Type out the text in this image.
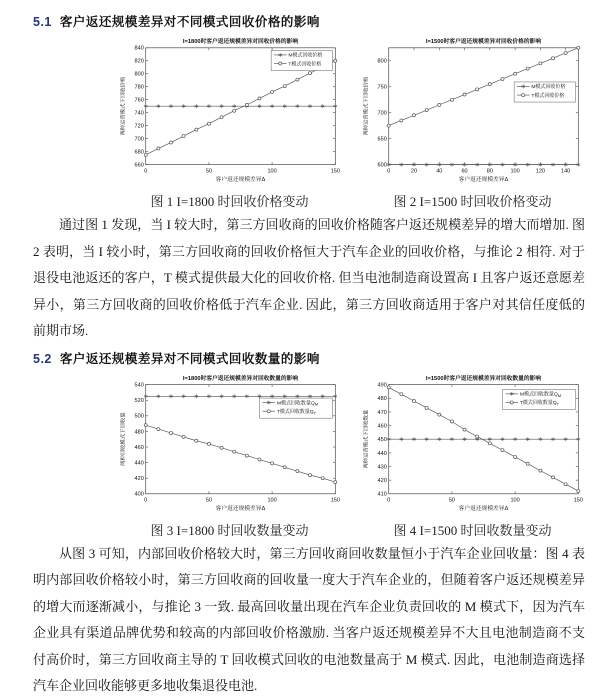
5.1 客户返还规模差异对不同模式回收价格的影响
I=1800时客户返还规模差异对回收价格的影响
660
680
700
720
740
760
780
800
820
840
0	50	100	150
客户返还规模差异Δ
两种运营模式下回收价格
M模式回收价格
T模式回收价格
I=1500时客户返还规模差异对回收价格的影响
600
650
700
750
800
0	20	40	60	80	100	120	140
客户返还规模差异Δ
两种运营模式下回收价格	M模式回收价格
T模式回收价格
图 1 I=1800 时回收价格变动	图 2 I=1500 时回收价格变动

通过图 1 发现，当 I 较大时，第三方回收商的回收价格随客户返还规模差异的增大而增加. 图 2 表明，当 I 较小时，第三方回收商的回收价格恒大于汽车企业的回收价格，与推论 2 相符. 对于退役电池返还的客户，T 模式提供最大化的回收价格. 但当电池制造商设置高 I 且客户返还意愿差异小，第三方回收商的回收价格低于汽车企业. 因此，第三方回收商适用于客户对其信任度低的前期市场.

5.2 客户返还规模差异对不同模式回收数量的影响
I=1800时客户返还规模差异对回收数量的影响
400
420
440
460
480
500
520
540
0	50	100	150
客户返还规模差异Δ
两种回收模式下回收量
M模式回收数量$Q_M$
T模式回收数量$Q_T$
I=1500时客户返还规模差异对回收数量的影响
410
420
430
440
450
460
470
480
490
0	50	100	150
客户返还规模差异Δ
两种运营模式下回收数量
M模式回收数量$Q_M$
T模式回收数量$Q_T$
图 3 I=1800 时回收数量变动	图 4 I=1500 时回收数量变动

从图 3 可知，内部回收价格较大时，第三方回收商回收数量恒小于汽车企业回收量：图 4 表明内部回收价格较小时，第三方回收商的回收量一度大于汽车企业的，但随着客户返还规模差异的增大而逐渐减小，与推论 3 一致. 最高回收量出现在汽车企业负责回收的 M 模式下，因为汽车企业具有渠道品牌优势和较高的内部回收价格激励. 当客户返还规模差异不大且电池制造商不支付高价时，第三方回收商主导的 T 回收模式回收的电池数量高于 M 模式. 因此，电池制造商选择汽车企业回收能够更多地收集退役电池.
